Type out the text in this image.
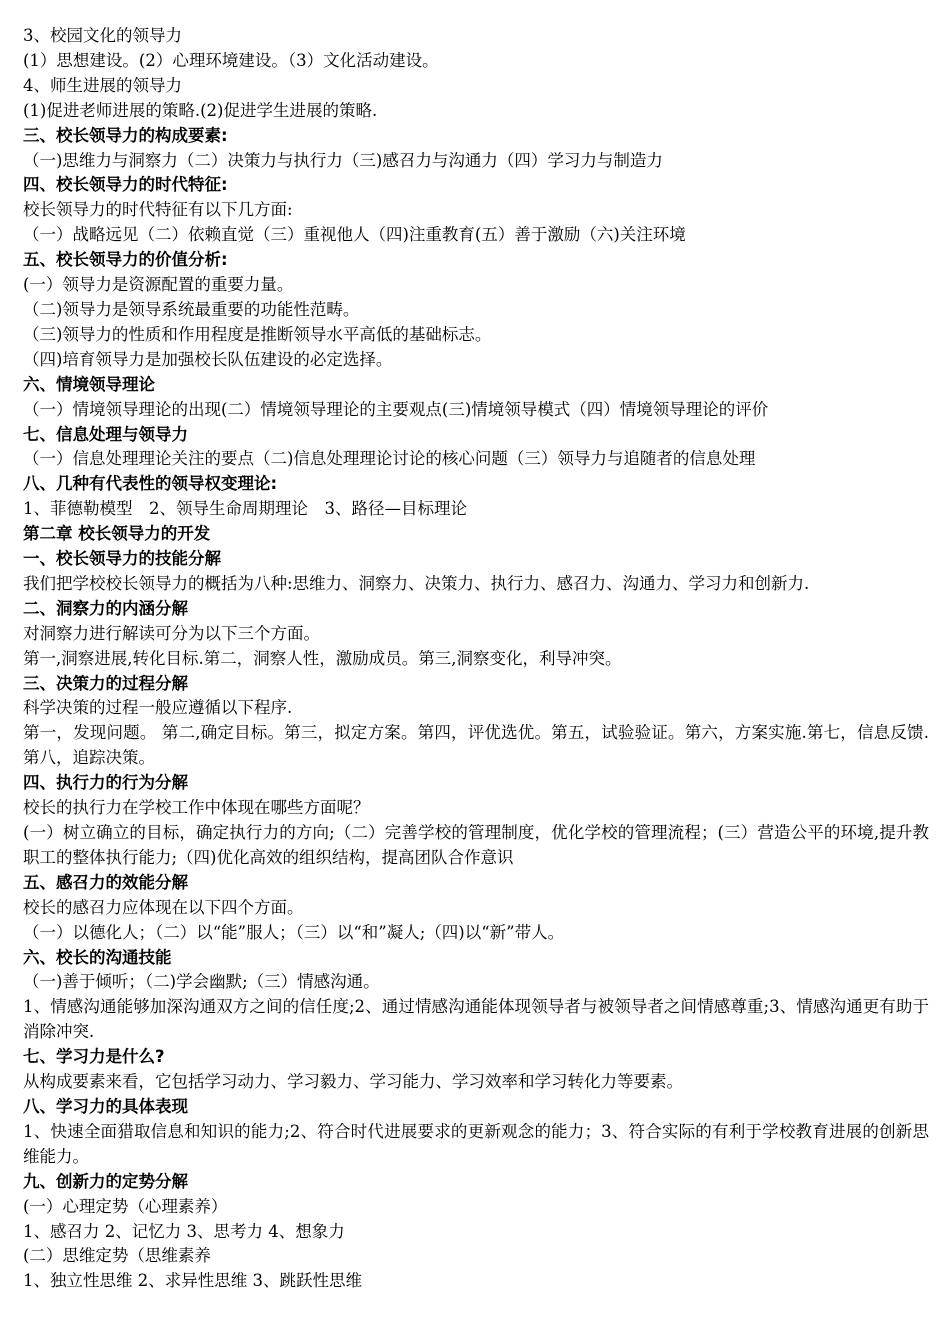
3、校园文化的领导力
(1）思想建设。(2）心理环境建设。（3）文化活动建设。
4、师生进展的领导力
(1)促进老师进展的策略.(2)促进学生进展的策略.
三、校长领导力的构成要素:
（一)思维力与洞察力（二）决策力与执行力（三)感召力与沟通力（四）学习力与制造力
四、校长领导力的时代特征:
校长领导力的时代特征有以下几方面:
（一）战略远见（二）依赖直觉（三）重视他人（四)注重教育(五）善于激励（六)关注环境
五、校长领导力的价值分析:
(一）领导力是资源配置的重要力量。
（二)领导力是领导系统最重要的功能性范畴。
（三)领导力的性质和作用程度是推断领导水平高低的基础标志。
（四)培育领导力是加强校长队伍建设的必定选择。
六、情境领导理论
（一）情境领导理论的出现(二）情境领导理论的主要观点(三)情境领导模式（四）情境领导理论的评价
七、信息处理与领导力
（一）信息处理理论关注的要点（二)信息处理理论讨论的核心问题（三）领导力与追随者的信息处理
八、几种有代表性的领导权变理论:
1、菲德勒模型　2、领导生命周期理论　3、路径—目标理论
第二章 校长领导力的开发
一、校长领导力的技能分解
我们把学校校长领导力的概括为八种:思维力、洞察力、决策力、执行力、感召力、沟通力、学习力和创新力.
二、洞察力的内涵分解
对洞察力进行解读可分为以下三个方面。
第一,洞察进展,转化目标.第二，洞察人性，激励成员。第三,洞察变化，利导冲突。
三、决策力的过程分解
科学决策的过程一般应遵循以下程序.
第一，发现问题。 第二,确定目标。第三，拟定方案。第四，评优选优。第五，试验验证。第六，方案实施.第七，信息反馈. 第八，追踪决策。
四、执行力的行为分解
校长的执行力在学校工作中体现在哪些方面呢？
(一）树立确立的目标，确定执行力的方向;（二）完善学校的管理制度，优化学校的管理流程；(三）营造公平的环境,提升教职工的整体执行能力;（四)优化高效的组织结构，提高团队合作意识
五、感召力的效能分解
校长的感召力应体现在以下四个方面。
（一）以德化人；（二）以“能”服人；（三）以“和”凝人;（四)以“新”带人。
六、校长的沟通技能
（一)善于倾听；（二)学会幽默;（三）情感沟通。
1、情感沟通能够加深沟通双方之间的信任度;2、通过情感沟通能体现领导者与被领导者之间情感尊重;3、情感沟通更有助于消除冲突.
七、学习力是什么?
从构成要素来看，它包括学习动力、学习毅力、学习能力、学习效率和学习转化力等要素。
八、学习力的具体表现
1、快速全面猎取信息和知识的能力;2、符合时代进展要求的更新观念的能力；3、符合实际的有利于学校教育进展的创新思维能力。
九、创新力的定势分解
(一）心理定势（心理素养）
1、感召力 2、记忆力 3、思考力 4、想象力
(二）思维定势（思维素养
1、独立性思维 2、求异性思维 3、跳跃性思维
